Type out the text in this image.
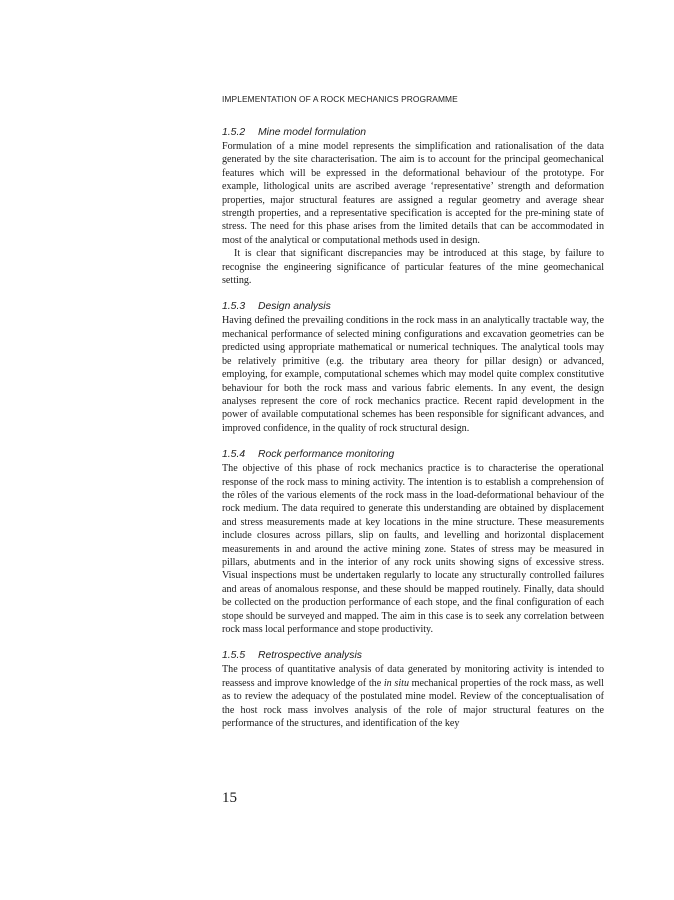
IMPLEMENTATION OF A ROCK MECHANICS PROGRAMME
1.5.2 Mine model formulation

Formulation of a mine model represents the simplification and rationalisation of the data generated by the site characterisation. The aim is to account for the principal geomechanical features which will be expressed in the deformational behaviour of the prototype. For example, lithological units are ascribed average ‘representative’ strength and deformation properties, major structural features are assigned a regular geometry and average shear strength properties, and a representative specification is accepted for the pre-mining state of stress. The need for this phase arises from the limited details that can be accommodated in most of the analytical or computational methods used in design.

It is clear that significant discrepancies may be introduced at this stage, by failure to recognise the engineering significance of particular features of the mine geomechanical setting.

1.5.3 Design analysis

Having defined the prevailing conditions in the rock mass in an analytically tractable way, the mechanical performance of selected mining configurations and excavation geometries can be predicted using appropriate mathematical or numerical techniques. The analytical tools may be relatively primitive (e.g. the tributary area theory for pillar design) or advanced, employing, for example, computational schemes which may model quite complex constitutive behaviour for both the rock mass and various fabric elements. In any event, the design analyses represent the core of rock mechanics practice. Recent rapid development in the power of available computational schemes has been responsible for significant advances, and improved confidence, in the quality of rock structural design.

1.5.4 Rock performance monitoring

The objective of this phase of rock mechanics practice is to characterise the operational response of the rock mass to mining activity. The intention is to establish a comprehension of the rôles of the various elements of the rock mass in the load-deformational behaviour of the rock medium. The data required to generate this understanding are obtained by displacement and stress measurements made at key locations in the mine structure. These measurements include closures across pillars, slip on faults, and levelling and horizontal displacement measurements in and around the active mining zone. States of stress may be measured in pillars, abutments and in the interior of any rock units showing signs of excessive stress. Visual inspections must be undertaken regularly to locate any structurally controlled failures and areas of anomalous response, and these should be mapped routinely. Finally, data should be collected on the production performance of each stope, and the final configuration of each stope should be surveyed and mapped. The aim in this case is to seek any correlation between rock mass local performance and stope productivity.

1.5.5 Retrospective analysis

The process of quantitative analysis of data generated by monitoring activity is intended to reassess and improve knowledge of the in situ mechanical properties of the rock mass, as well as to review the adequacy of the postulated mine model. Review of the conceptualisation of the host rock mass involves analysis of the role of major structural features on the performance of the structures, and identification of the key

15
